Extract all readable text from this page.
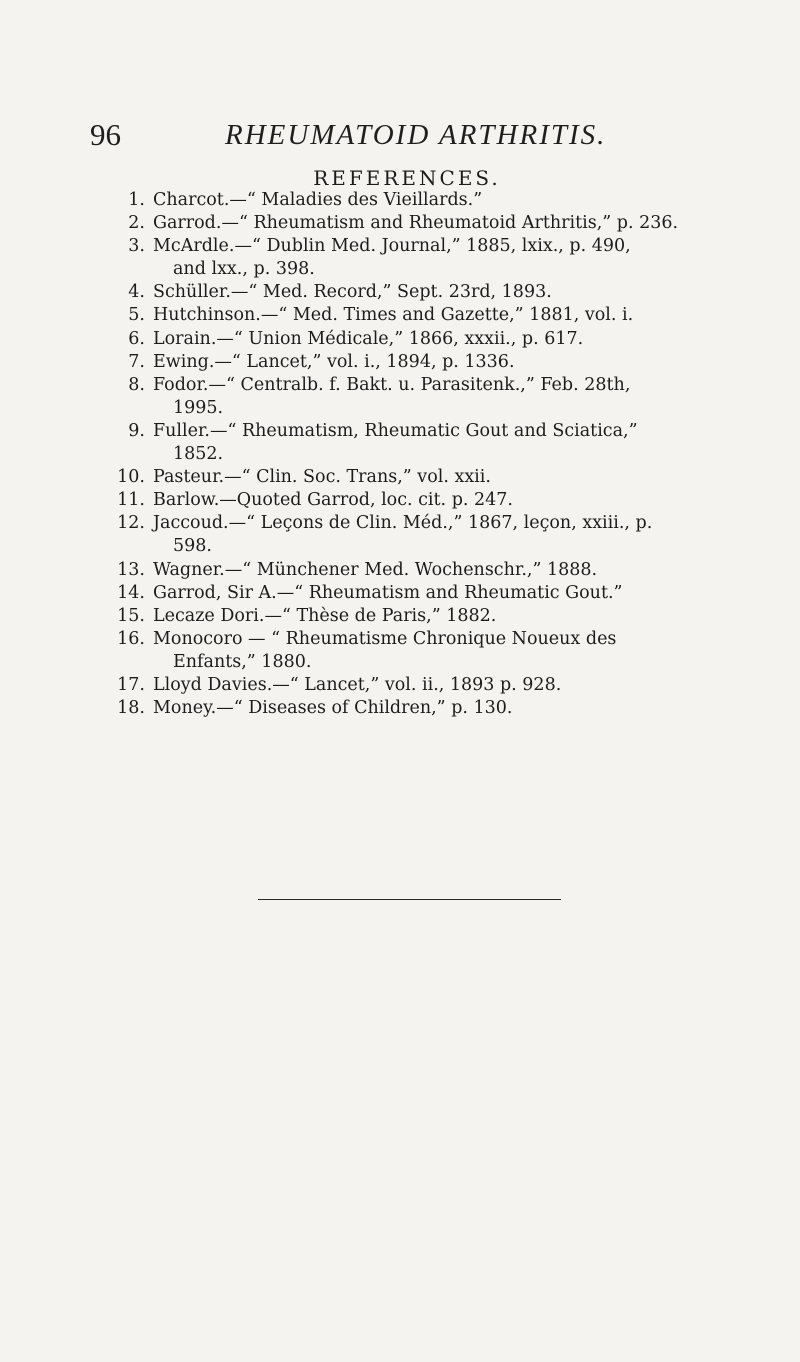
96	RHEUMATOID ARTHRITIS.
REFERENCES.
1. Charcot.—“ Maladies des Vieillards.”
2. Garrod.—“ Rheumatism and Rheumatoid Arthritis,” p. 236.
3. McArdle.—“ Dublin Med. Journal,” 1885, lxix., p. 490,
and lxx., p. 398.
4. Schüller.—“ Med. Record,” Sept. 23rd, 1893.
5. Hutchinson.—“ Med. Times and Gazette,” 1881, vol. i.
6. Lorain.—“ Union Médicale,” 1866, xxxii., p. 617.
7. Ewing.—“ Lancet,” vol. i., 1894, p. 1336.
8. Fodor.—“ Centralb. f. Bakt. u. Parasitenk.,” Feb. 28th,
1995.
9. Fuller.—“ Rheumatism, Rheumatic Gout and Sciatica,”
1852.
10. Pasteur.—“ Clin. Soc. Trans,” vol. xxii.
11. Barlow.—Quoted Garrod, loc. cit. p. 247.
12. Jaccoud.—“ Leçons de Clin. Méd.,” 1867, leçon, xxiii., p.
598.
13. Wagner.—“ Münchener Med. Wochenschr.,” 1888.
14. Garrod, Sir A.—“ Rheumatism and Rheumatic Gout.”
15. Lecaze Dori.—“ Thèse de Paris,” 1882.
16. Monocoro — “ Rheumatisme Chronique Noueux des
Enfants,” 1880.
17. Lloyd Davies.—“ Lancet,” vol. ii., 1893 p. 928.
18. Money.—“ Diseases of Children,” p. 130.
